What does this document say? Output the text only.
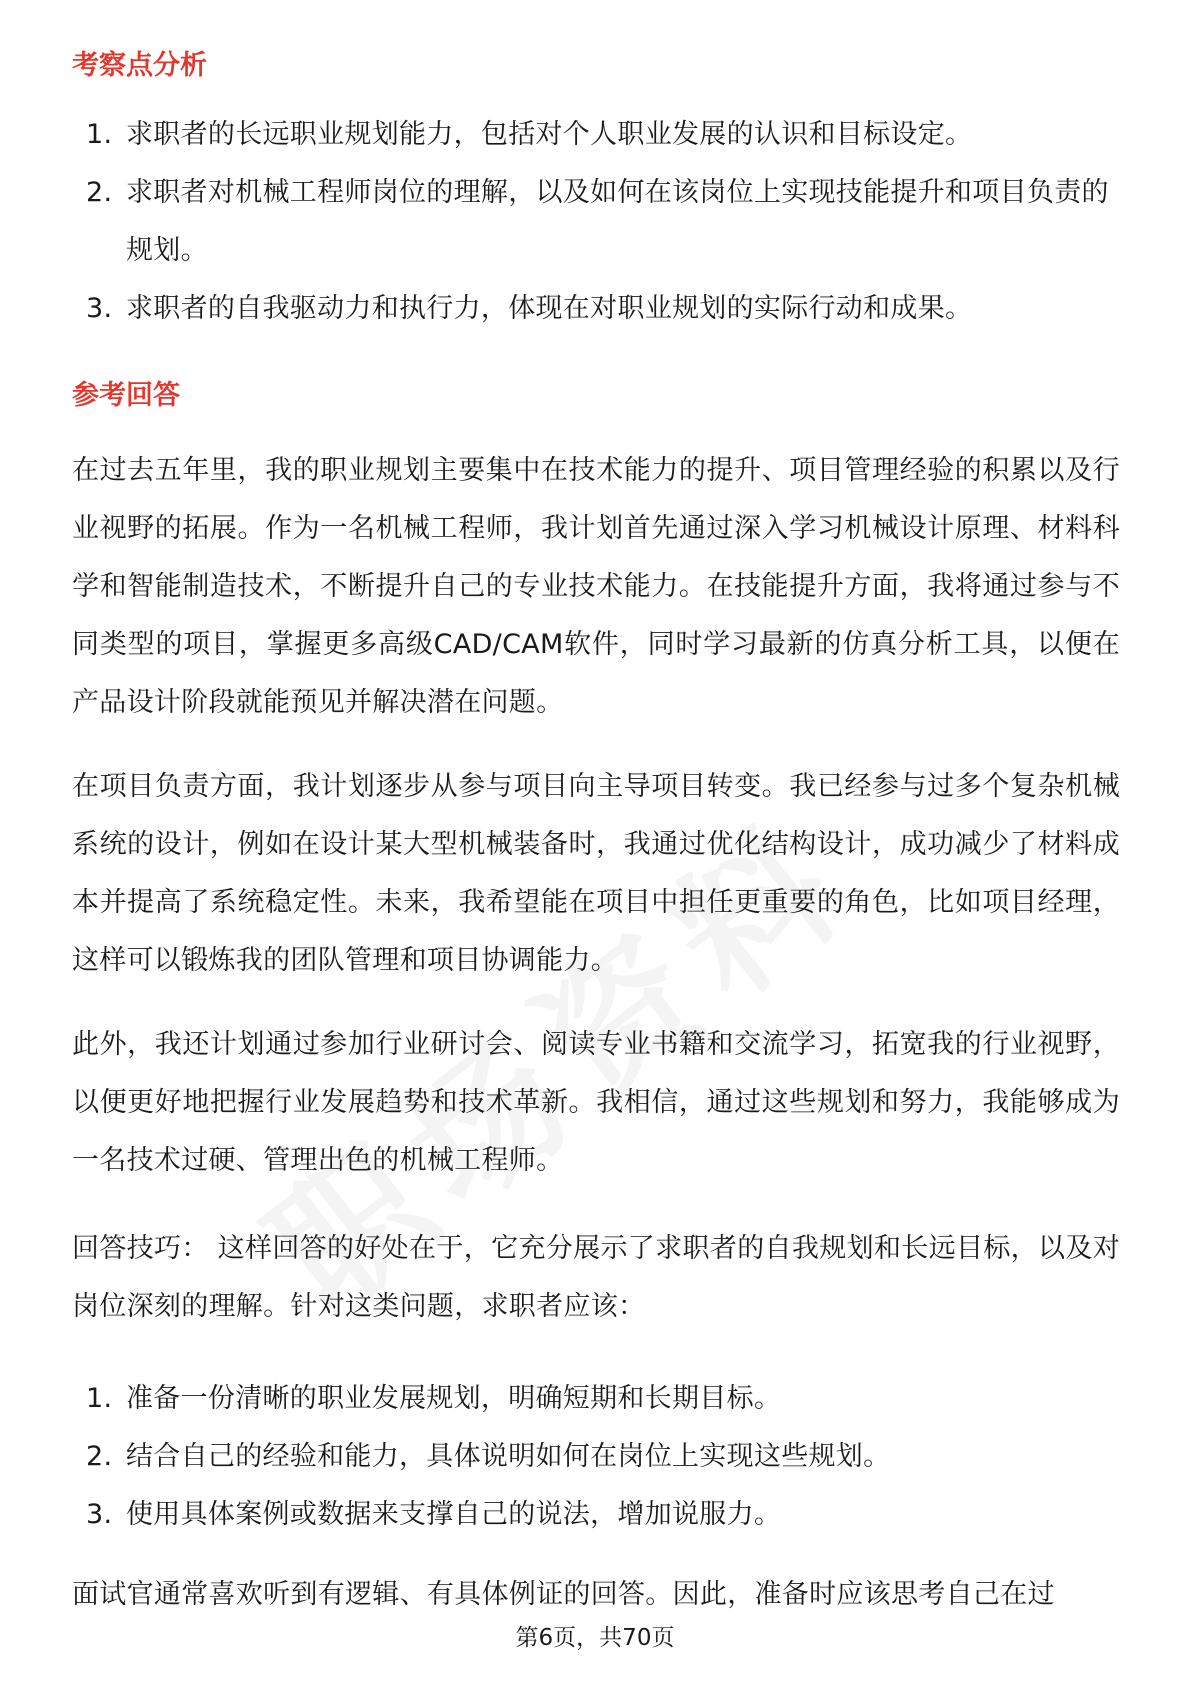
考察点分析
1. 求职者的长远职业规划能力，包括对个人职业发展的认识和目标设定。
2. 求职者对机械工程师岗位的理解，以及如何在该岗位上实现技能提升和项目负责的规划。
3. 求职者的自我驱动力和执行力，体现在对职业规划的实际行动和成果。
参考回答

在过去五年里，我的职业规划主要集中在技术能力的提升、项目管理经验的积累以及行业视野的拓展。作为一名机械工程师，我计划首先通过深入学习机械设计原理、材料科学和智能制造技术，不断提升自己的专业技术能力。在技能提升方面，我将通过参与不同类型的项目，掌握更多高级CAD/CAM软件，同时学习最新的仿真分析工具，以便在产品设计阶段就能预见并解决潜在问题。

在项目负责方面，我计划逐步从参与项目向主导项目转变。我已经参与过多个复杂机械系统的设计，例如在设计某大型机械装备时，我通过优化结构设计，成功减少了材料成本并提高了系统稳定性。未来，我希望能在项目中担任更重要的角色，比如项目经理，这样可以锻炼我的团队管理和项目协调能力。

此外，我还计划通过参加行业研讨会、阅读专业书籍和交流学习，拓宽我的行业视野，以便更好地把握行业发展趋势和技术革新。我相信，通过这些规划和努力，我能够成为一名技术过硬、管理出色的机械工程师。

回答技巧： 这样回答的好处在于，它充分展示了求职者的自我规划和长远目标，以及对岗位深刻的理解。针对这类问题，求职者应该：

1. 准备一份清晰的职业发展规划，明确短期和长期目标。
2. 结合自己的经验和能力，具体说明如何在岗位上实现这些规划。
3. 使用具体案例或数据来支撑自己的说法，增加说服力。

面试官通常喜欢听到有逻辑、有具体例证的回答。因此，准备时应该思考自己在过

第6页，共70页
